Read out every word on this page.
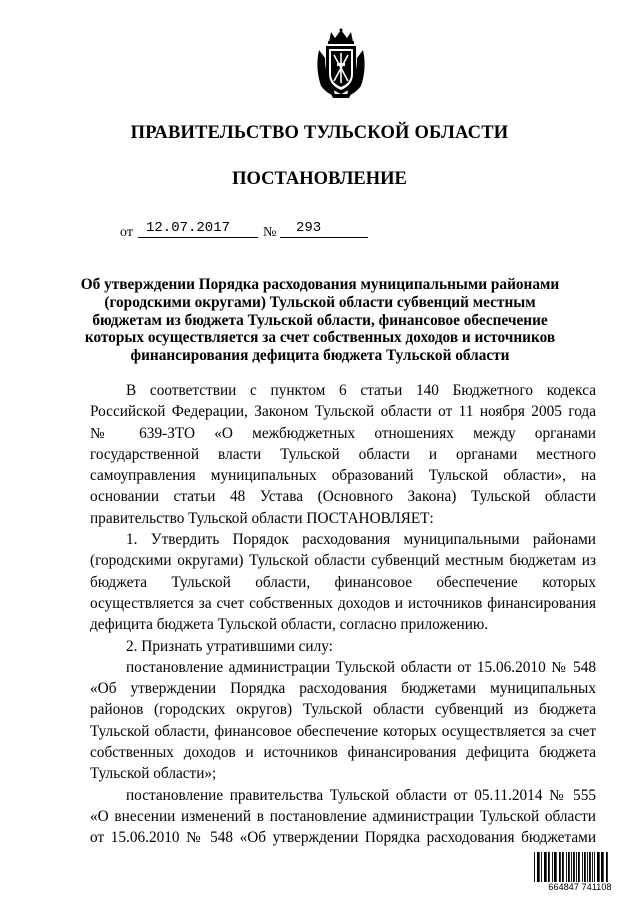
ПРАВИТЕЛЬСТВО ТУЛЬСКОЙ ОБЛАСТИ
ПОСТАНОВЛЕНИЕ
от 12.07.2017 № 293
Об утверждении Порядка расходования муниципальными районами (городскими округами) Тульской области субвенций местным бюджетам из бюджета Тульской области, финансовое обеспечение которых осуществляется за счет собственных доходов и источников финансирования дефицита бюджета Тульской области
В соответствии с пунктом 6 статьи 140 Бюджетного кодекса
Российской Федерации, Законом Тульской области от 11 ноября 2005 года
№ 639-ЗТО «О межбюджетных отношениях между органами
государственной власти Тульской области и органами местного
самоуправления муниципальных образований Тульской области», на
основании статьи 48 Устава (Основного Закона) Тульской области
правительство Тульской области ПОСТАНОВЛЯЕТ:
1. Утвердить Порядок расходования муниципальными районами
(городскими округами) Тульской области субвенций местным бюджетам из
бюджета Тульской области, финансовое обеспечение которых
осуществляется за счет собственных доходов и источников финансирования
дефицита бюджета Тульской области, согласно приложению.
2. Признать утратившими силу:
постановление администрации Тульской области от 15.06.2010 № 548
«Об утверждении Порядка расходования бюджетами муниципальных
районов (городских округов) Тульской области субвенций из бюджета
Тульской области, финансовое обеспечение которых осуществляется за счет
собственных доходов и источников финансирования дефицита бюджета
Тульской области»;
постановление правительства Тульской области от 05.11.2014 № 555
«О внесении изменений в постановление администрации Тульской области
от 15.06.2010 № 548 «Об утверждении Порядка расходования бюджетами
664847 741108
